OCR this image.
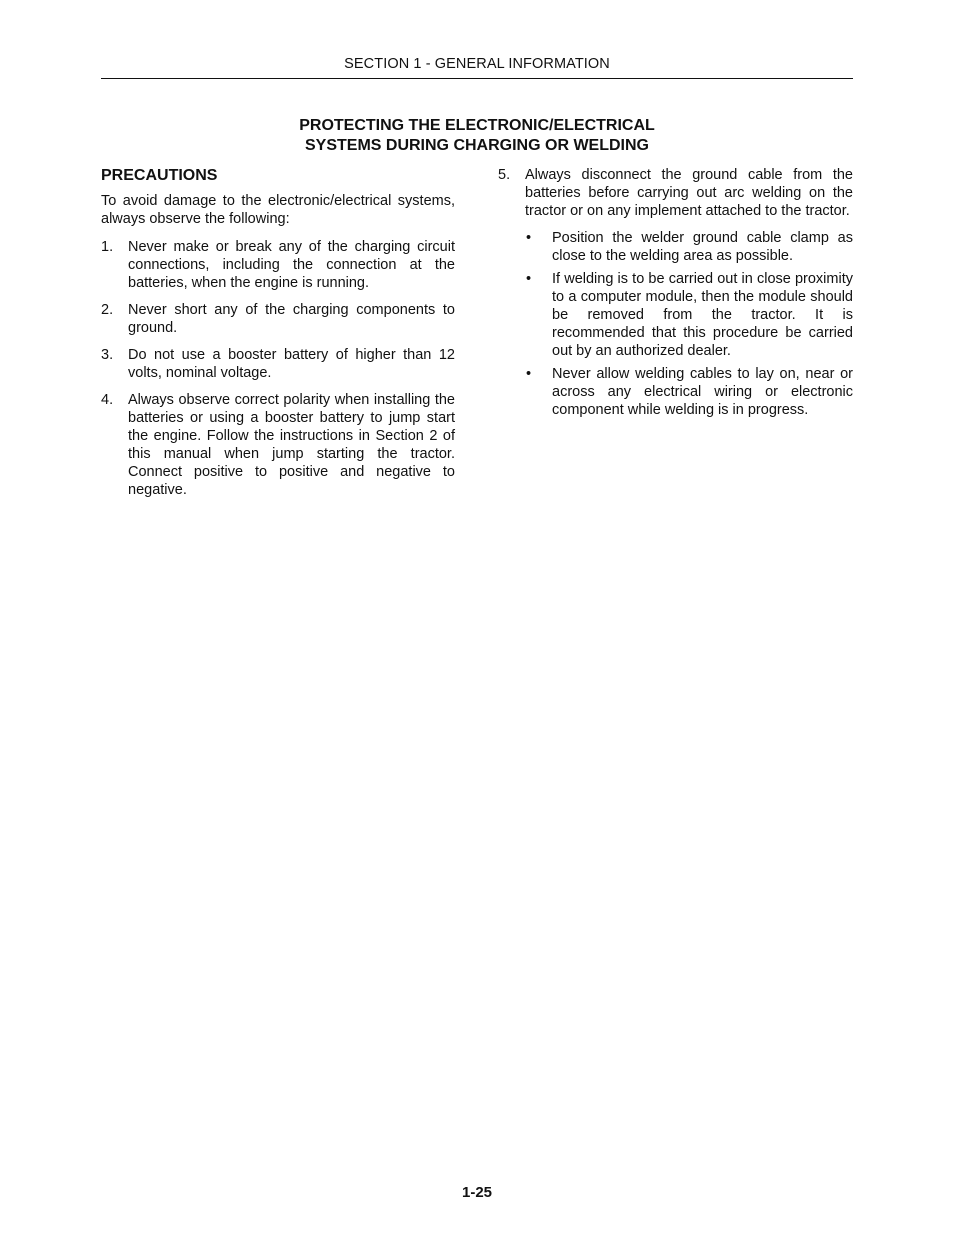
SECTION 1 - GENERAL INFORMATION
PROTECTING THE ELECTRONIC/ELECTRICAL
SYSTEMS DURING CHARGING OR WELDING
PRECAUTIONS

To avoid damage to the electronic/electrical systems, always observe the following:

1.	Never make or break any of the charging circuit connections, including the connection at the batteries, when the engine is running.
2.	Never short any of the charging components to ground.
3.	Do not use a booster battery of higher than 12 volts, nominal voltage.
4.	Always observe correct polarity when installing the batteries or using a booster battery to jump start the engine. Follow the instructions in Section 2 of this manual when jump starting the tractor. Connect positive to positive and negative to negative.
5.	Always disconnect the ground cable from the batteries before carrying out arc welding on the tractor or on any implement attached to the tractor.
•	Position the welder ground cable clamp as close to the welding area as possible.
•	If welding is to be carried out in close proximity to a computer module, then the module should be removed from the tractor. It is recommended that this procedure be carried out by an authorized dealer.
•	Never allow welding cables to lay on, near or across any electrical wiring or electronic component while welding is in progress.
1-25
